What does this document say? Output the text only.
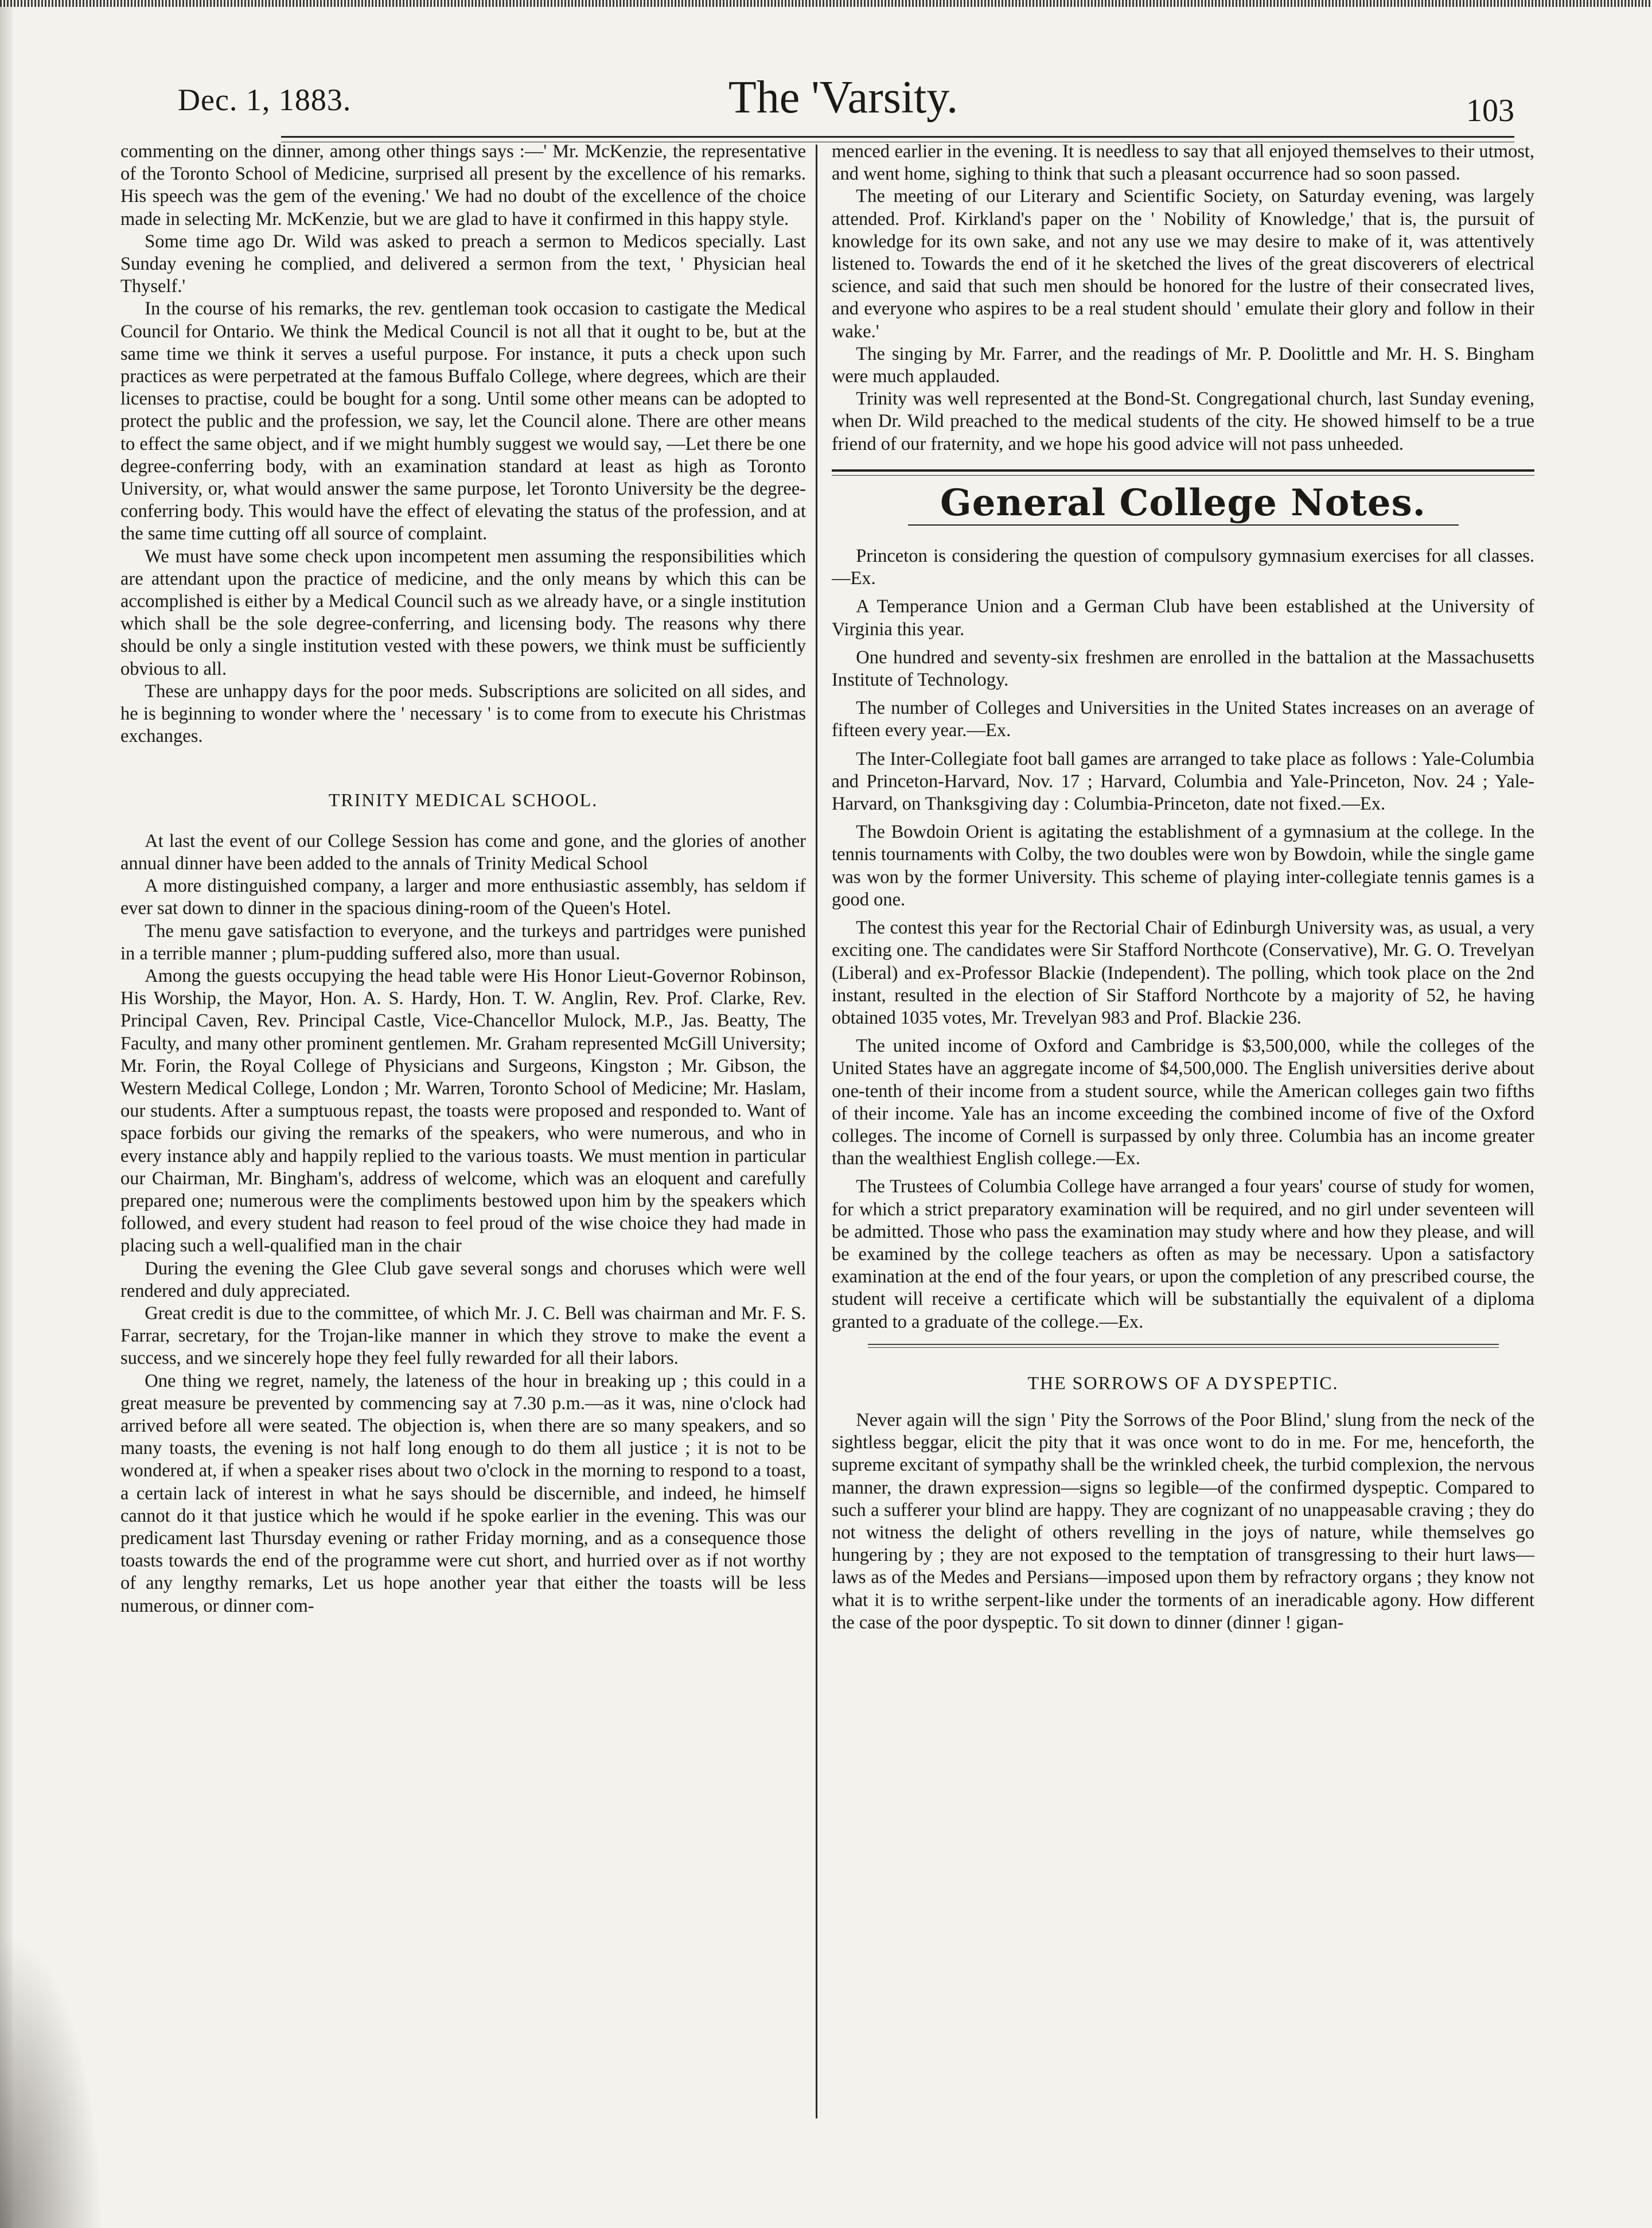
Dec. 1, 1883.	The 'Varsity.	103

commenting on the dinner, among other things says :—' Mr. McKenzie, the representative of the Toronto School of Medicine, surprised all present by the excellence of his remarks. His speech was the gem of the evening.' We had no doubt of the excellence of the choice made in selecting Mr. McKenzie, but we are glad to have it confirmed in this happy style.

Some time ago Dr. Wild was asked to preach a sermon to Medicos specially. Last Sunday evening he complied, and delivered a sermon from the text, ' Physician heal Thyself.'

In the course of his remarks, the rev. gentleman took occasion to castigate the Medical Council for Ontario. We think the Medical Council is not all that it ought to be, but at the same time we think it serves a useful purpose. For instance, it puts a check upon such practices as were perpetrated at the famous Buffalo College, where degrees, which are their licenses to practise, could be bought for a song. Until some other means can be adopted to protect the public and the profession, we say, let the Council alone. There are other means to effect the same object, and if we might humbly suggest we would say, —Let there be one degree-conferring body, with an examination standard at least as high as Toronto University, or, what would answer the same purpose, let Toronto University be the degree-conferring body. This would have the effect of elevating the status of the profession, and at the same time cutting off all source of complaint.

We must have some check upon incompetent men assuming the responsibilities which are attendant upon the practice of medicine, and the only means by which this can be accomplished is either by a Medical Council such as we already have, or a single institution which shall be the sole degree-conferring, and licensing body. The reasons why there should be only a single institution vested with these powers, we think must be sufficiently obvious to all.

These are unhappy days for the poor meds. Subscriptions are solicited on all sides, and he is beginning to wonder where the ' necessary ' is to come from to execute his Christmas exchanges.

TRINITY MEDICAL SCHOOL.

At last the event of our College Session has come and gone, and the glories of another annual dinner have been added to the annals of Trinity Medical School

A more distinguished company, a larger and more enthusiastic assembly, has seldom if ever sat down to dinner in the spacious dining-room of the Queen's Hotel.

The menu gave satisfaction to everyone, and the turkeys and partridges were punished in a terrible manner ; plum-pudding suffered also, more than usual.

Among the guests occupying the head table were His Honor Lieut-Governor Robinson, His Worship, the Mayor, Hon. A. S. Hardy, Hon. T. W. Anglin, Rev. Prof. Clarke, Rev. Principal Caven, Rev. Principal Castle, Vice-Chancellor Mulock, M.P., Jas. Beatty, The Faculty, and many other prominent gentlemen. Mr. Graham represented McGill University; Mr. Forin, the Royal College of Physicians and Surgeons, Kingston ; Mr. Gibson, the Western Medical College, London ; Mr. Warren, Toronto School of Medicine; Mr. Haslam, our students. After a sumptuous repast, the toasts were proposed and responded to. Want of space forbids our giving the remarks of the speakers, who were numerous, and who in every instance ably and happily replied to the various toasts. We must mention in particular our Chairman, Mr. Bingham's, address of welcome, which was an eloquent and carefully prepared one; numerous were the compliments bestowed upon him by the speakers which followed, and every student had reason to feel proud of the wise choice they had made in placing such a well-qualified man in the chair

During the evening the Glee Club gave several songs and choruses which were well rendered and duly appreciated.

Great credit is due to the committee, of which Mr. J. C. Bell was chairman and Mr. F. S. Farrar, secretary, for the Trojan-like manner in which they strove to make the event a success, and we sincerely hope they feel fully rewarded for all their labors.

One thing we regret, namely, the lateness of the hour in breaking up ; this could in a great measure be prevented by commencing say at 7.30 p.m.—as it was, nine o'clock had arrived before all were seated. The objection is, when there are so many speakers, and so many toasts, the evening is not half long enough to do them all justice ; it is not to be wondered at, if when a speaker rises about two o'clock in the morning to respond to a toast, a certain lack of interest in what he says should be discernible, and indeed, he himself cannot do it that justice which he would if he spoke earlier in the evening. This was our predicament last Thursday evening or rather Friday morning, and as a consequence those toasts towards the end of the programme were cut short, and hurried over as if not worthy of any lengthy remarks, Let us hope another year that either the toasts will be less numerous, or dinner com-

menced earlier in the evening. It is needless to say that all enjoyed themselves to their utmost, and went home, sighing to think that such a pleasant occurrence had so soon passed.

The meeting of our Literary and Scientific Society, on Saturday evening, was largely attended. Prof. Kirkland's paper on the ' Nobility of Knowledge,' that is, the pursuit of knowledge for its own sake, and not any use we may desire to make of it, was attentively listened to. Towards the end of it he sketched the lives of the great discoverers of electrical science, and said that such men should be honored for the lustre of their consecrated lives, and everyone who aspires to be a real student should ' emulate their glory and follow in their wake.'

The singing by Mr. Farrer, and the readings of Mr. P. Doolittle and Mr. H. S. Bingham were much applauded.

Trinity was well represented at the Bond-St. Congregational church, last Sunday evening, when Dr. Wild preached to the medical students of the city. He showed himself to be a true friend of our fraternity, and we hope his good advice will not pass unheeded.

General College Notes.

Princeton is considering the question of compulsory gymnasium exercises for all classes.—Ex.

A Temperance Union and a German Club have been established at the University of Virginia this year.

One hundred and seventy-six freshmen are enrolled in the battalion at the Massachusetts Institute of Technology.

The number of Colleges and Universities in the United States increases on an average of fifteen every year.—Ex.

The Inter-Collegiate foot ball games are arranged to take place as follows : Yale-Columbia and Princeton-Harvard, Nov. 17 ; Harvard, Columbia and Yale-Princeton, Nov. 24 ; Yale-Harvard, on Thanksgiving day : Columbia-Princeton, date not fixed.—Ex.

The Bowdoin Orient is agitating the establishment of a gymnasium at the college. In the tennis tournaments with Colby, the two doubles were won by Bowdoin, while the single game was won by the former University. This scheme of playing inter-collegiate tennis games is a good one.

The contest this year for the Rectorial Chair of Edinburgh University was, as usual, a very exciting one. The candidates were Sir Stafford Northcote (Conservative), Mr. G. O. Trevelyan (Liberal) and ex-Professor Blackie (Independent). The polling, which took place on the 2nd instant, resulted in the election of Sir Stafford Northcote by a majority of 52, he having obtained 1035 votes, Mr. Trevelyan 983 and Prof. Blackie 236.

The united income of Oxford and Cambridge is $3,500,000, while the colleges of the United States have an aggregate income of $4,500,000. The English universities derive about one-tenth of their income from a student source, while the American colleges gain two fifths of their income. Yale has an income exceeding the combined income of five of the Oxford colleges. The income of Cornell is surpassed by only three. Columbia has an income greater than the wealthiest English college.—Ex.

The Trustees of Columbia College have arranged a four years' course of study for women, for which a strict preparatory examination will be required, and no girl under seventeen will be admitted. Those who pass the examination may study where and how they please, and will be examined by the college teachers as often as may be necessary. Upon a satisfactory examination at the end of the four years, or upon the completion of any prescribed course, the student will receive a certificate which will be substantially the equivalent of a diploma granted to a graduate of the college.—Ex.

THE SORROWS OF A DYSPEPTIC.

Never again will the sign ' Pity the Sorrows of the Poor Blind,' slung from the neck of the sightless beggar, elicit the pity that it was once wont to do in me. For me, henceforth, the supreme excitant of sympathy shall be the wrinkled cheek, the turbid complexion, the nervous manner, the drawn expression—signs so legible—of the confirmed dyspeptic. Compared to such a sufferer your blind are happy. They are cognizant of no unappeasable craving ; they do not witness the delight of others revelling in the joys of nature, while themselves go hungering by ; they are not exposed to the temptation of transgressing to their hurt laws—laws as of the Medes and Persians—imposed upon them by refractory organs ; they know not what it is to writhe serpent-like under the torments of an ineradicable agony. How different the case of the poor dyspeptic. To sit down to dinner (dinner ! gigan-
